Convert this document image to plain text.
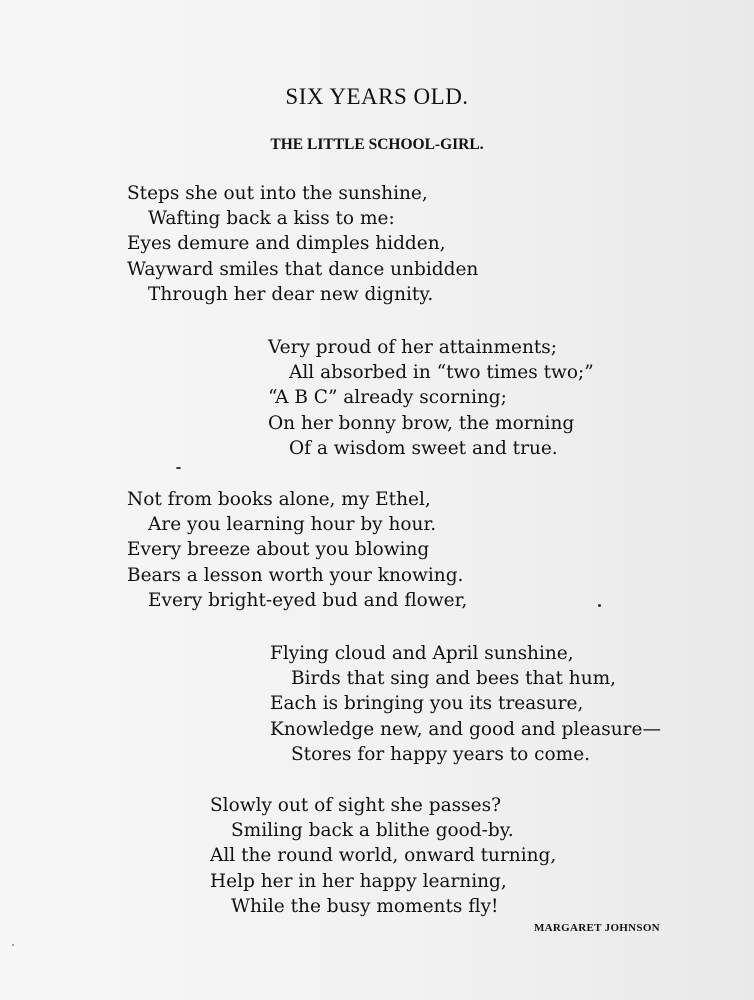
SIX YEARS OLD.
THE LITTLE SCHOOL-GIRL.
Steps she out into the sunshine,
Wafting back a kiss to me:
Eyes demure and dimples hidden,
Wayward smiles that dance unbidden
Through her dear new dignity.
Very proud of her attainments;
All absorbed in “two times two;”
“A B C” already scorning;
On her bonny brow, the morning
Of a wisdom sweet and true.
Not from books alone, my Ethel,
Are you learning hour by hour.
Every breeze about you blowing
Bears a lesson worth your knowing.
Every bright-eyed bud and flower,
Flying cloud and April sunshine,
Birds that sing and bees that hum,
Each is bringing you its treasure,
Knowledge new, and good and pleasure—
Stores for happy years to come.
Slowly out of sight she passes?
Smiling back a blithe good-by.
All the round world, onward turning,
Help her in her happy learning,
While the busy moments fly!
MARGARET JOHNSON
